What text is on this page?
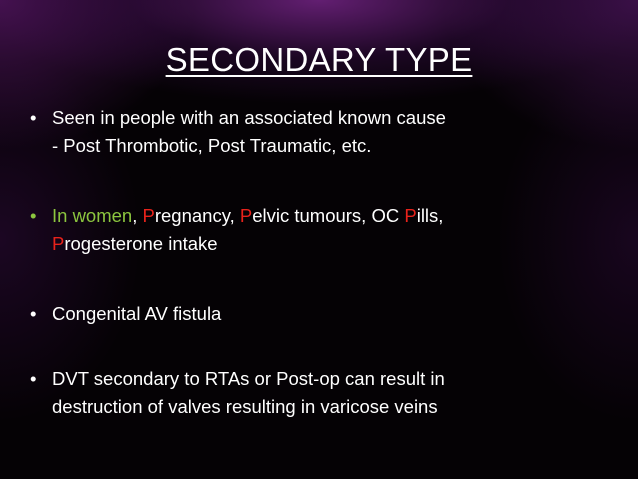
SECONDARY TYPE
• Seen in people with an associated known cause
- Post Thrombotic, Post Traumatic, etc.
• In women, Pregnancy, Pelvic tumours, OC Pills,
Progesterone intake
• Congenital AV fistula
• DVT secondary to RTAs or Post-op can result in
destruction of valves resulting in varicose veins
